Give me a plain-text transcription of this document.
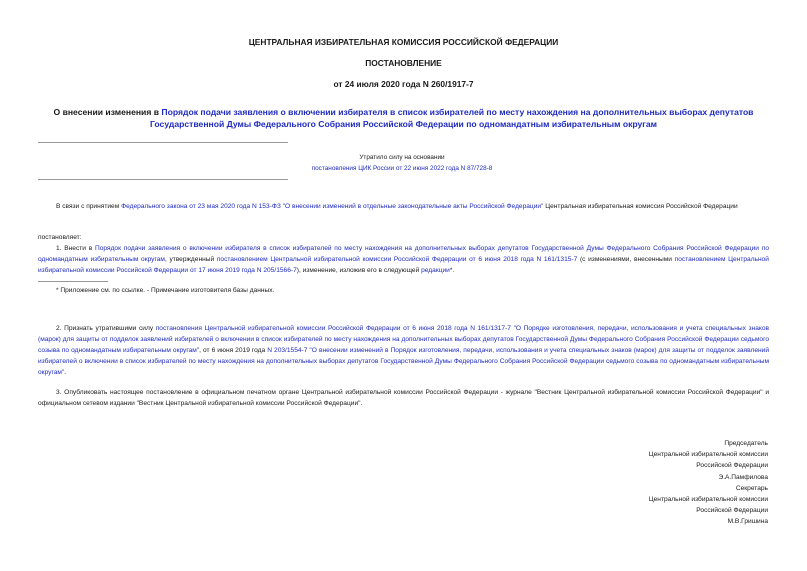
ЦЕНТРАЛЬНАЯ ИЗБИРАТЕЛЬНАЯ КОМИССИЯ РОССИЙСКОЙ ФЕДЕРАЦИИ
ПОСТАНОВЛЕНИЕ
от 24 июля 2020 года N 260/1917-7
О внесении изменения в Порядок подачи заявления о включении избирателя в список избирателей по месту нахождения на дополнительных выборах депутатов Государственной Думы Федерального Собрания Российской Федерации по одномандатным избирательным округам
Утратило силу на основании
постановления ЦИК России от 22 июня 2022 года N 87/728-8
В связи с принятием Федерального закона от 23 мая 2020 года N 153-ФЗ "О внесении изменений в отдельные законодательные акты Российской Федерации" Центральная избирательная комиссия Российской Федерации
постановляет:
1. Внести в Порядок подачи заявления о включении избирателя в список избирателей по месту нахождения на дополнительных выборах депутатов Государственной Думы Федерального Собрания Российской Федерации по одномандатным избирательным округам, утвержденный постановлением Центральной избирательной комиссии Российской Федерации от 6 июня 2018 года N 161/1315-7 (с изменениями, внесенными постановлением Центральной избирательной комиссии Российской Федерации от 17 июня 2019 года N 205/1566-7), изменение, изложив его в следующей редакции*.
* Приложение см. по ссылке. - Примечание изготовителя базы данных.
2. Признать утратившими силу постановления Центральной избирательной комиссии Российской Федерации от 6 июня 2018 года N 161/1317-7 "О Порядке изготовления, передачи, использования и учета специальных знаков (марок) для защиты от подделок заявлений избирателей о включении в список избирателей по месту нахождения на дополнительных выборах депутатов Государственной Думы Федерального Собрания Российской Федерации седьмого созыва по одномандатным избирательным округам", от 6 июня 2019 года N 203/1554-7 "О внесении изменений в Порядок изготовления, передачи, использования и учета специальных знаков (марок) для защиты от подделок заявлений избирателей о включении в список избирателей по месту нахождения на дополнительных выборах депутатов Государственной Думы Федерального Собрания Российской Федерации седьмого созыва по одномандатным избирательным округам".
3. Опубликовать настоящее постановление в официальном печатном органе Центральной избирательной комиссии Российской Федерации - журнале "Вестник Центральной избирательной комиссии Российской Федерации" и официальном сетевом издании "Вестник Центральной избирательной комиссии Российской Федерации".
Председатель
Центральной избирательной комиссии
Российской Федерации
Э.А.Памфилова
Секретарь
Центральной избирательной комиссии
Российской Федерации
М.В.Гришина
